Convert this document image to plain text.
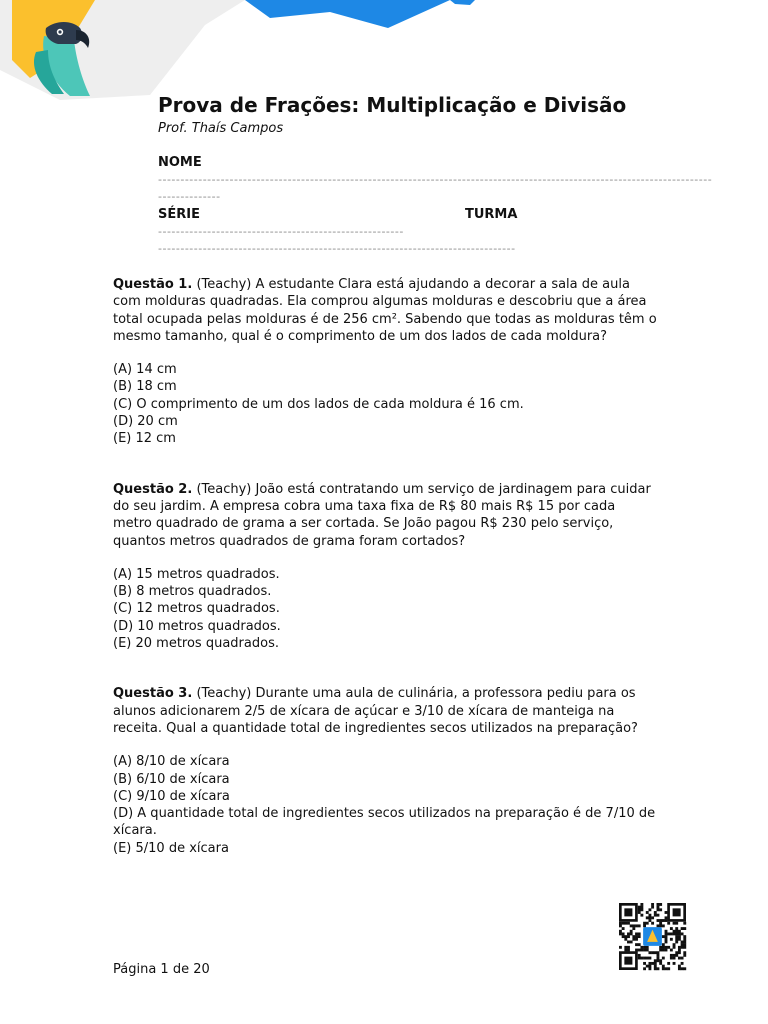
Prova de Frações: Multiplicação e Divisão
Prof. Thaís Campos
NOME
----------------------------------------------------------------------------------------------------------------------------
--------------
SÉRIE	TURMA
-------------------------------------------------------
--------------------------------------------------------------------------------

Questão 1. (Teachy) A estudante Clara está ajudando a decorar a sala de aula com molduras quadradas. Ela comprou algumas molduras e descobriu que a área total ocupada pelas molduras é de 256 cm². Sabendo que todas as molduras têm o mesmo tamanho, qual é o comprimento de um dos lados de cada moldura?

(A) 14 cm
(B) 18 cm
(C) O comprimento de um dos lados de cada moldura é 16 cm.
(D) 20 cm
(E) 12 cm

Questão 2. (Teachy) João está contratando um serviço de jardinagem para cuidar do seu jardim. A empresa cobra uma taxa fixa de R$ 80 mais R$ 15 por cada metro quadrado de grama a ser cortada. Se João pagou R$ 230 pelo serviço, quantos metros quadrados de grama foram cortados?

(A) 15 metros quadrados.
(B) 8 metros quadrados.
(C) 12 metros quadrados.
(D) 10 metros quadrados.
(E) 20 metros quadrados.

Questão 3. (Teachy) Durante uma aula de culinária, a professora pediu para os alunos adicionarem 2/5 de xícara de açúcar e 3/10 de xícara de manteiga na receita. Qual a quantidade total de ingredientes secos utilizados na preparação?

(A) 8/10 de xícara
(B) 6/10 de xícara
(C) 9/10 de xícara
(D) A quantidade total de ingredientes secos utilizados na preparação é de 7/10 de xícara.
(E) 5/10 de xícara
Página 1 de 20
